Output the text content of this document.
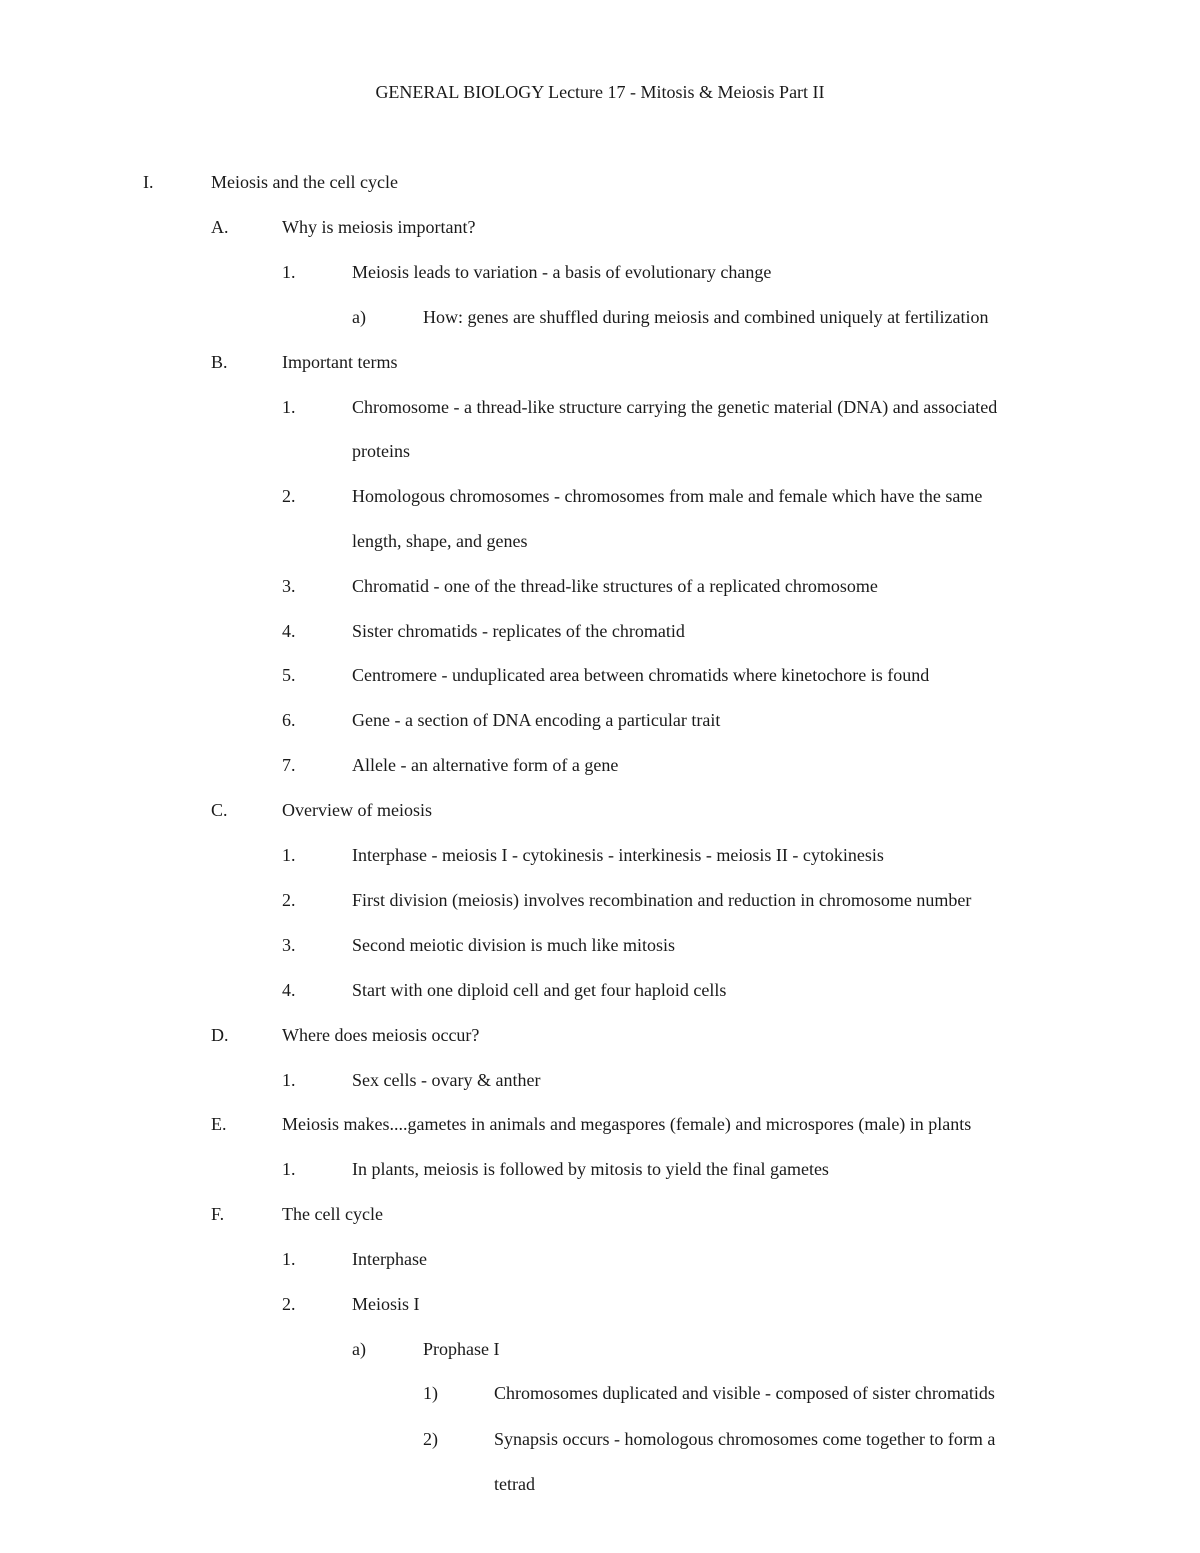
GENERAL BIOLOGY Lecture 17 - Mitosis & Meiosis Part II
I.	Meiosis and the cell cycle
A.	Why is meiosis important?
1.	Meiosis leads to variation - a basis of evolutionary change
a)	How: genes are shuffled during meiosis and combined uniquely at fertilization
B.	Important terms
1.	Chromosome - a thread-like structure carrying the genetic material (DNA) and associated
proteins
2.	Homologous chromosomes - chromosomes from male and female which have the same
length, shape, and genes
3.	Chromatid - one of the thread-like structures of a replicated chromosome
4.	Sister chromatids - replicates of the chromatid
5.	Centromere - unduplicated area between chromatids where kinetochore is found
6.	Gene - a section of DNA encoding a particular trait
7.	Allele - an alternative form of a gene
C.	Overview of meiosis
1.	Interphase - meiosis I - cytokinesis - interkinesis - meiosis II - cytokinesis
2.	First division (meiosis) involves recombination and reduction in chromosome number
3.	Second meiotic division is much like mitosis
4.	Start with one diploid cell and get four haploid cells
D.	Where does meiosis occur?
1.	Sex cells - ovary & anther
E.	Meiosis makes....gametes in animals and megaspores (female) and microspores (male) in plants
1.	In plants, meiosis is followed by mitosis to yield the final gametes
F.	The cell cycle
1.	Interphase
2.	Meiosis I
a)	Prophase I
1)	Chromosomes duplicated and visible - composed of sister chromatids
2)	Synapsis occurs - homologous chromosomes come together to form a
tetrad
